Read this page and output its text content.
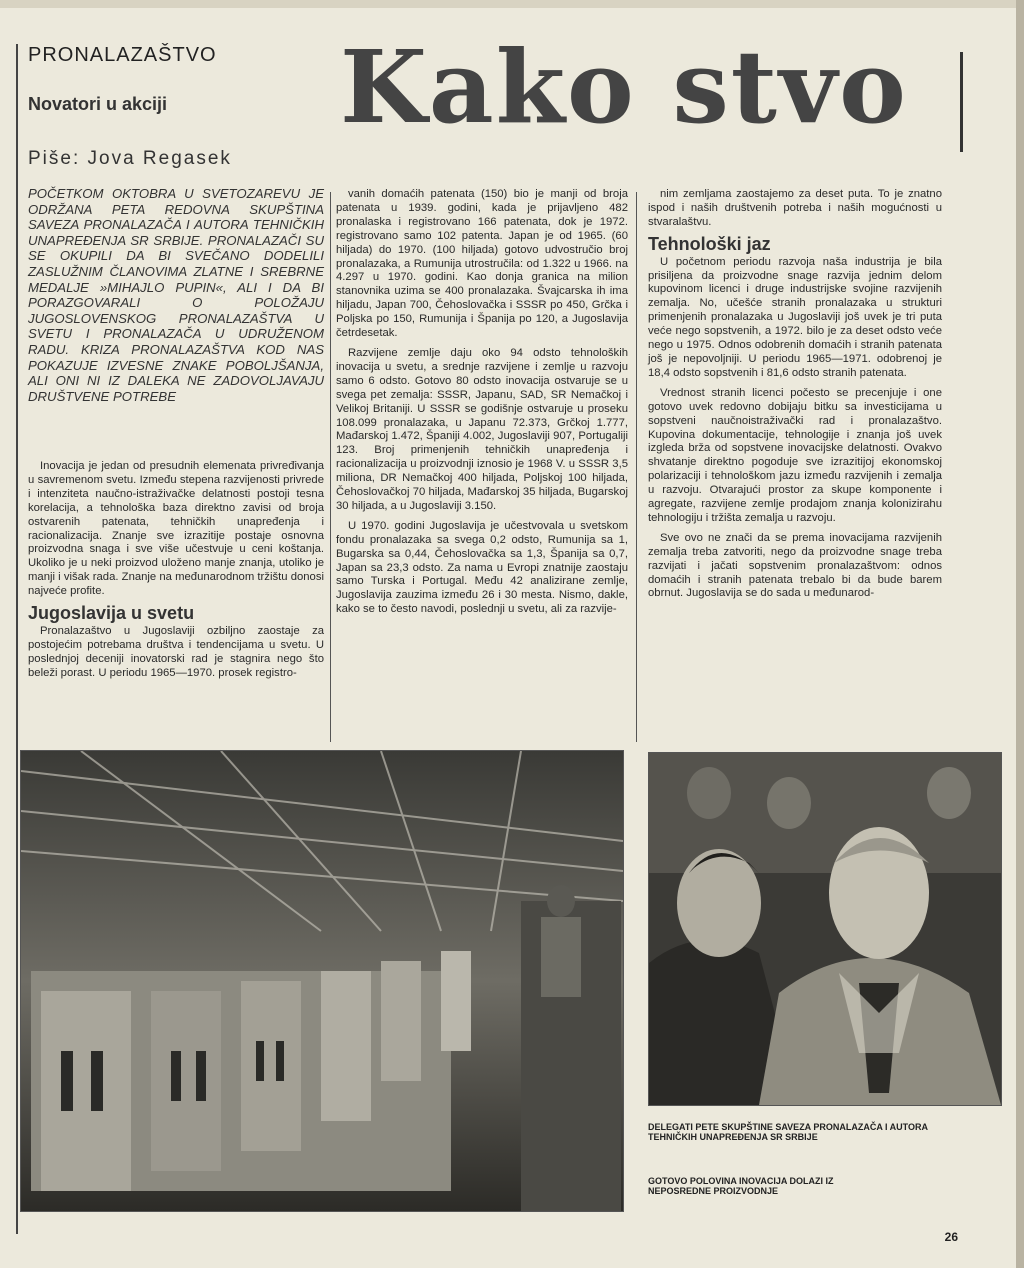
PRONALAZAŠTVO
Novatori u akciji
Piše: Jova Regasek
Kako stvo
POČETKOM OKTOBRA U SVETOZAREVU JE ODRŽANA PETA REDOVNA SKUPŠTINA SAVEZA PRONALAZAČA I AUTORA TEHNIČKIH UNAPREĐENJA SR SRBIJE. PRONALAZAČI SU SE OKUPILI DA BI SVEČANO DODELILI ZASLUŽNIM ČLANOVIMA ZLATNE I SREBRNE MEDALJE »MIHAJLO PUPIN«, ALI I DA BI PORAZGOVARALI O POLOŽAJU JUGOSLOVENSKOG PRONALAZAŠTVA U SVETU I PRONALAZAČA U UDRUŽENOM RADU. KRIZA PRONALAZAŠTVA KOD NAS POKAZUJE IZVESNE ZNAKE POBOLJŠANJA, ALI ONI NI IZ DALEKA NE ZADOVOLJAVAJU DRUŠTVENE POTREBE

Inovacija je jedan od presudnih elemenata privređivanja u savremenom svetu. Između stepena razvijenosti privrede i intenziteta naučno-istraživačke delatnosti postoji tesna korelacija, a tehnološka baza direktno zavisi od broja ostvarenih patenata, tehničkih unapređenja i racionalizacija. Znanje sve izrazitije postaje osnovna proizvodna snaga i sve više učestvuje u ceni koštanja. Ukoliko je u neki proizvod uloženo manje znanja, utoliko je manji i višak rada. Znanje na međunarodnom tržištu donosi najveće profite.

Jugoslavija u svetu

Pronalazaštvo u Jugoslaviji ozbiljno zaostaje za postojećim potrebama društva i tendencijama u svetu. U poslednjoj deceniji inovatorski rad je stagnira nego što beleži porast. U periodu 1965—1970. prosek registro-

vanih domaćih patenata (150) bio je manji od broja patenata u 1939. godini, kada je prijavljeno 482 pronalaska i registrovano 166 patenata, dok je 1972. registrovano samo 102 patenta. Japan je od 1965. (60 hiljada) do 1970. (100 hiljada) gotovo udvostručio broj pronalazaka, a Rumunija utrostručila: od 1.322 u 1966. na 4.297 u 1970. godini. Kao donja granica na milion stanovnika uzima se 400 pronalazaka. Švajcarska ih ima hiljadu, Japan 700, Čehoslovačka i SSSR po 450, Grčka i Poljska po 150, Rumunija i Španija po 120, a Jugoslavija četrdesetak.

Razvijene zemlje daju oko 94 odsto tehnoloških inovacija u svetu, a srednje razvijene i zemlje u razvoju samo 6 odsto. Gotovo 80 odsto inovacija ostvaruje se u svega pet zemalja: SSSR, Japanu, SAD, SR Nemačkoj i Velikoj Britaniji. U SSSR se godišnje ostvaruje u proseku 108.099 pronalazaka, u Japanu 72.373, Grčkoj 1.777, Mađarskoj 1.472, Španiji 4.002, Jugoslaviji 907, Portugaliji 123. Broj primenjenih tehničkih unapređenja i racionalizacija u proizvodnji iznosio je 1968 V. u SSSR 3,5 miliona, DR Nemačkoj 400 hiljada, Poljskoj 100 hiljada, Čehoslovačkoj 70 hiljada, Mađarskoj 35 hiljada, Bugarskoj 30 hiljada, a u Jugoslaviji 3.150.

U 1970. godini Jugoslavija je učestvovala u svetskom fondu pronalazaka sa svega 0,2 odsto, Rumunija sa 1, Bugarska sa 0,44, Čehoslovačka sa 1,3, Španija sa 0,7, Japan sa 23,3 odsto. Za nama u Evropi znatnije zaostaju samo Turska i Portugal. Među 42 analizirane zemlje, Jugoslavija zauzima između 26 i 30 mesta. Nismo, dakle, kako se to često navodi, poslednji u svetu, ali za razvije-

nim zemljama zaostajemo za deset puta. To je znatno ispod i naših društvenih potreba i naših mogućnosti u stvaralaštvu.

Tehnološki jaz

U početnom periodu razvoja naša industrija je bila prisiljena da proizvodne snage razvija jednim delom kupovinom licenci i druge industrijske svojine razvijenih zemalja. No, učešće stranih pronalazaka u strukturi primenjenih pronalazaka u Jugoslaviji još uvek je tri puta veće nego sopstvenih, a 1972. bilo je za deset odsto veće nego u 1975. Odnos odobrenih domaćih i stranih patenata još je nepovoljniji. U periodu 1965—1971. odobrenoj je 18,4 odsto sopstvenih i 81,6 odsto stranih patenata.

Vrednost stranih licenci počesto se precenjuje i one gotovo uvek redovno dobijaju bitku sa investicijama u sopstveni naučnoistraživački rad i pronalazaštvo. Kupovina dokumentacije, tehnologije i znanja još uvek izgleda brža od sopstvene inovacijske delatnosti. Ovakvo shvatanje direktno pogoduje sve izrazitijoj ekonomskoj polarizaciji i tehnološkom jazu između razvijenih i zemalja u razvoju. Otvarajući prostor za skupe komponente i agregate, razvijene zemlje prodajom znanja kolonizirahu tehnologiju i tržišta zemalja u razvoju.

Sve ovo ne znači da se prema inovacijama razvijenih zemalja treba zatvoriti, nego da proizvodne snage treba razvijati i jačati sopstvenim pronalazaštvom: odnos domaćih i stranih patenata trebalo bi da bude barem obrnut. Jugoslavija se do sada u međunarod-

GOTOVO POLOVINA INOVACIJA DOLAZI IZ NEPOSREDNE PROIZVODNJE
DELEGATI PETE SKUPŠTINE SAVEZA PRONALAZAČA I AUTORA TEHNIČKIH UNAPREĐENJA SR SRBIJE
26
